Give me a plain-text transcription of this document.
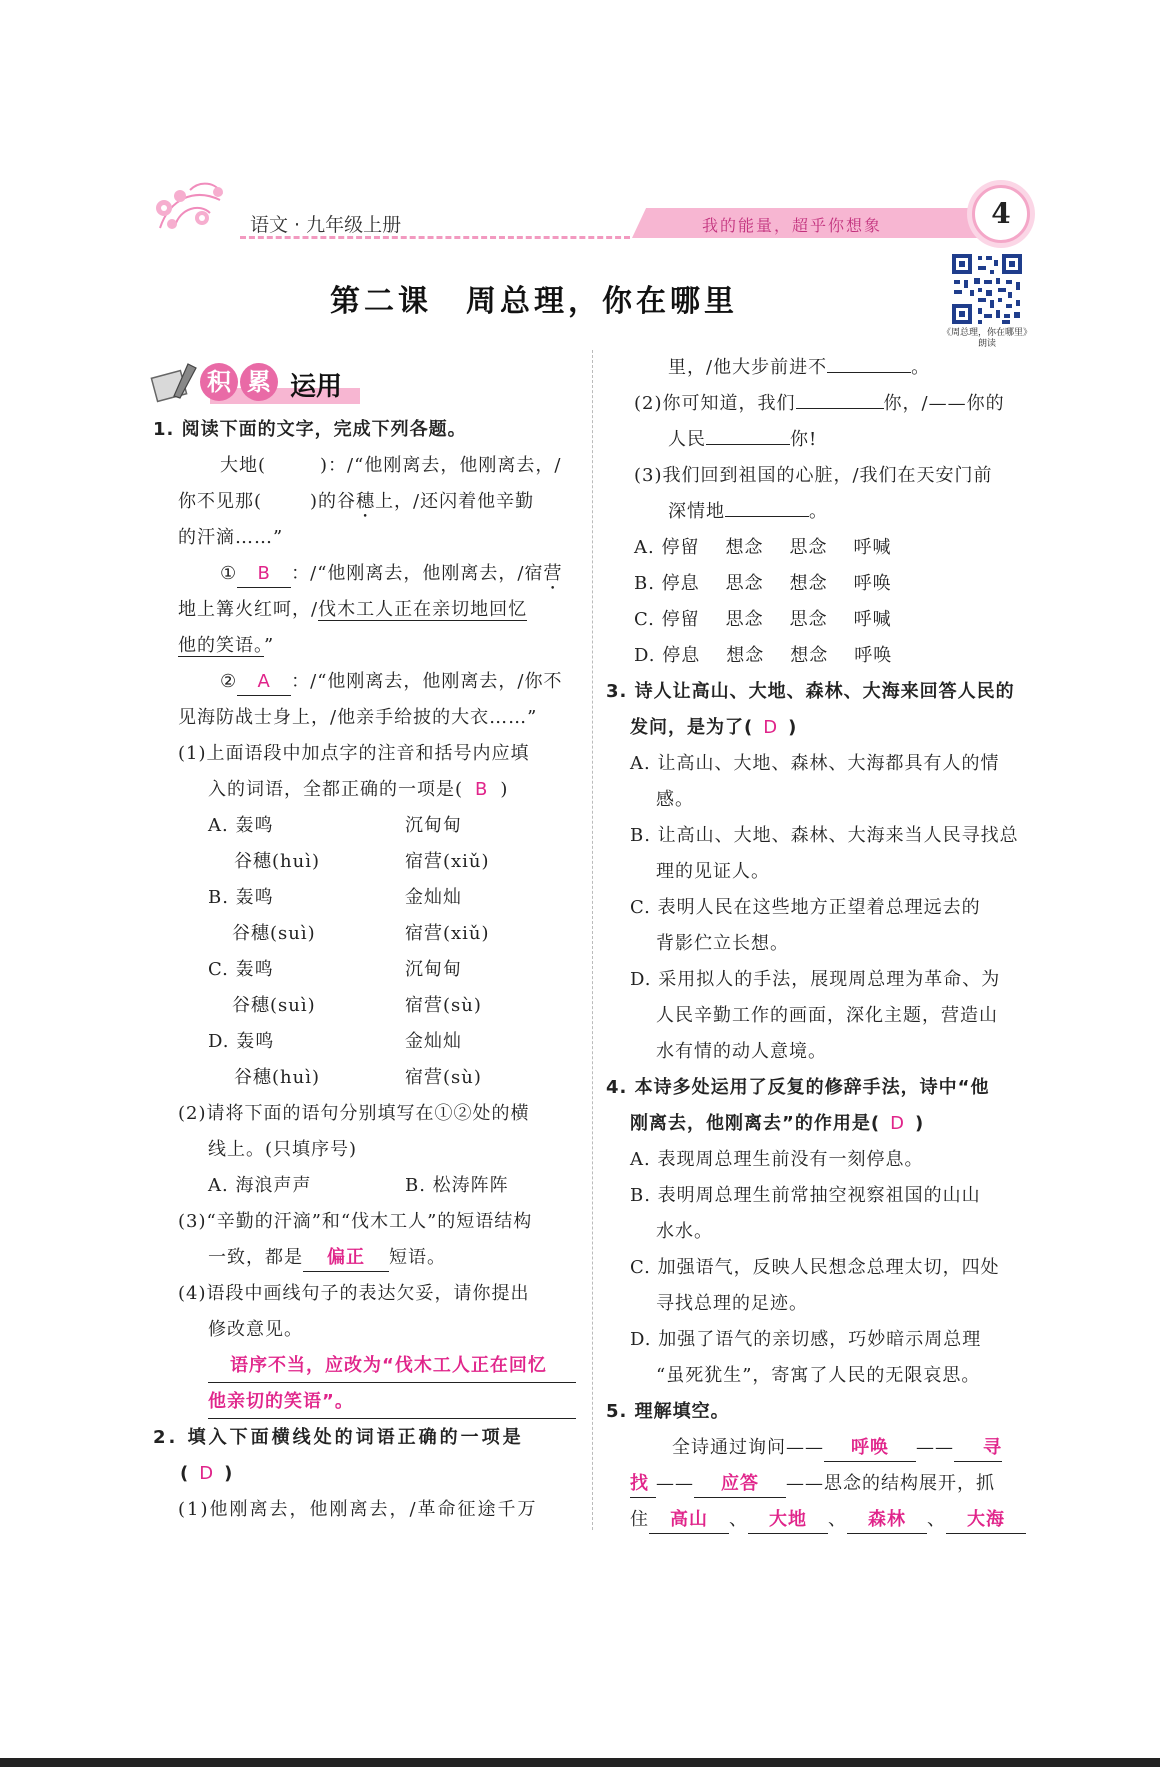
语文 · 九年级上册	我的能量，超乎你想象	4
第二课　周总理，你在哪里
《周总理，你在哪里》
朗读
积 累 运用
1. 阅读下面的文字，完成下列各题。
大地(	)：/“他刚离去，他刚离去，/
你不见那(	)的谷穗上，/还闪着他辛勤
的汗滴……”
① B ：/“他刚离去，他刚离去，/宿营
地上篝火红呵，/伐木工人正在亲切地回忆
他的笑语。”
② A ：/“他刚离去，他刚离去，/你不
见海防战士身上，/他亲手给披的大衣……”
(1)上面语段中加点字的注音和括号内应填
入的词语，全都正确的一项是( B )
A. 轰鸣	沉甸甸
谷穗(huì)	宿营(xiǔ)
B. 轰鸣	金灿灿
谷穗(suì)	宿营(xiǔ)
C. 轰鸣	沉甸甸
谷穗(suì)	宿营(sù)
D. 轰鸣	金灿灿
谷穗(huì)	宿营(sù)
(2)请将下面的语句分别填写在①②处的横
线上。(只填序号)
A. 海浪声声	B. 松涛阵阵
(3)“辛勤的汗滴”和“伐木工人”的短语结构
一致，都是 偏正 短语。
(4)语段中画线句子的表达欠妥，请你提出
修改意见。
语序不当，应改为“伐木工人正在回忆
他亲切的笑语”。
2. 填入下面横线处的词语正确的一项是
( D )
(1)他刚离去，他刚离去，/革命征途千万
里，/他大步前进不	。
(2)你可知道，我们	你，/——你的
人民	你!
(3)我们回到祖国的心脏，/我们在天安门前
深情地	。
A. 停留 想念 思念 呼喊
B. 停息 思念 想念 呼唤
C. 停留 思念 思念 呼喊
D. 停息 想念 想念 呼唤
3. 诗人让高山、大地、森林、大海来回答人民的
发问，是为了( D )
A. 让高山、大地、森林、大海都具有人的情
感。
B. 让高山、大地、森林、大海来当人民寻找总
理的见证人。
C. 表明人民在这些地方正望着总理远去的
背影伫立长想。
D. 采用拟人的手法，展现周总理为革命、为
人民辛勤工作的画面，深化主题，营造山
水有情的动人意境。
4. 本诗多处运用了反复的修辞手法，诗中“他
刚离去，他刚离去”的作用是( D )
A. 表现周总理生前没有一刻停息。
B. 表明周总理生前常抽空视察祖国的山山
水水。
C. 加强语气，反映人民想念总理太切，四处
寻找总理的足迹。
D. 加强了语气的亲切感，巧妙暗示周总理
“虽死犹生”，寄寓了人民的无限哀思。
5. 理解填空。
全诗通过询问—— 呼唤 —— 寻
找 —— 应答 ——思念的结构展开，抓
住 高山 、 大地 、 森林 、 大海
